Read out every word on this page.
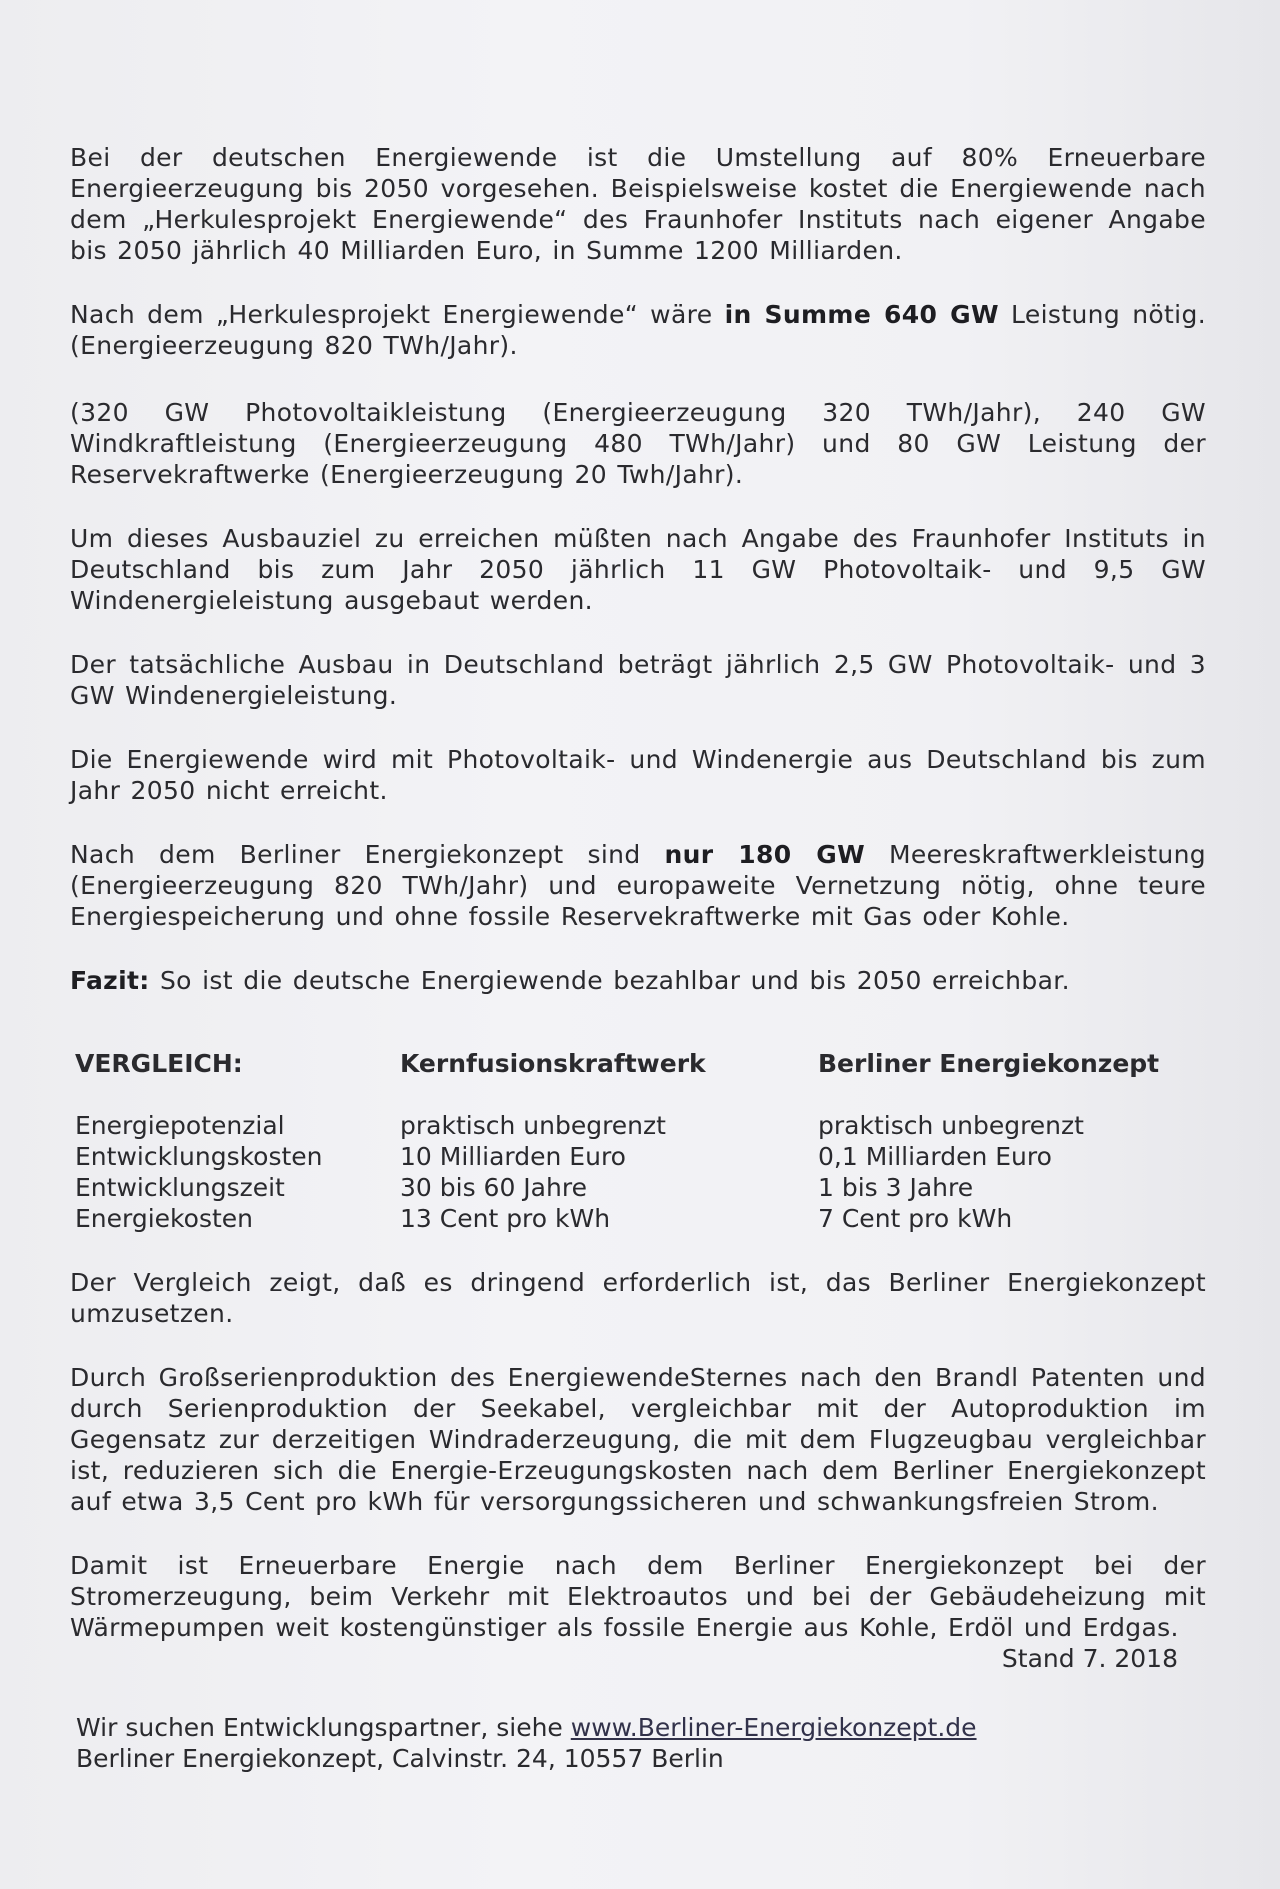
Bei der deutschen Energiewende ist die Umstellung auf 80% Erneuerbare Energieerzeugung bis 2050 vorgesehen. Beispielsweise kostet die Energiewende nach dem „Herkulesprojekt Energiewende“ des Fraunhofer Instituts nach eigener Angabe bis 2050 jährlich 40 Milliarden Euro, in Summe 1200 Milliarden.

Nach dem „Herkulesprojekt Energiewende“ wäre in Summe 640 GW Leistung nötig. (Energieerzeugung 820 TWh/Jahr).

(320 GW Photovoltaikleistung (Energieerzeugung 320 TWh/Jahr), 240 GW Windkraftleistung (Energieerzeugung 480 TWh/Jahr) und 80 GW Leistung der Reservekraftwerke (Energieerzeugung 20 Twh/Jahr).

Um dieses Ausbauziel zu erreichen müßten nach Angabe des Fraunhofer Instituts in Deutschland bis zum Jahr 2050 jährlich 11 GW Photovoltaik- und 9,5 GW Windenergieleistung ausgebaut werden.

Der tatsächliche Ausbau in Deutschland beträgt jährlich 2,5 GW Photovoltaik- und 3 GW Windenergieleistung.

Die Energiewende wird mit Photovoltaik- und Windenergie aus Deutschland bis zum Jahr 2050 nicht erreicht.

Nach dem Berliner Energiekonzept sind nur 180 GW Meereskraftwerkleistung (Energieerzeugung 820 TWh/Jahr) und europaweite Vernetzung nötig, ohne teure Energiespeicherung und ohne fossile Reservekraftwerke mit Gas oder Kohle.

Fazit: So ist die deutsche Energiewende bezahlbar und bis 2050 erreichbar.

VERGLEICH:	Kernfusionskraftwerk	Berliner Energiekonzept
Energiepotenzial	praktisch unbegrenzt	praktisch unbegrenzt
Entwicklungskosten	10 Milliarden Euro	0,1 Milliarden Euro
Entwicklungszeit	30 bis 60 Jahre	1 bis 3 Jahre
Energiekosten	13 Cent pro kWh	7 Cent pro kWh

Der Vergleich zeigt, daß es dringend erforderlich ist, das Berliner Energiekonzept umzusetzen.

Durch Großserienproduktion des EnergiewendeSternes nach den Brandl Patenten und durch Serienproduktion der Seekabel, vergleichbar mit der Autoproduktion im Gegensatz zur derzeitigen Windraderzeugung, die mit dem Flugzeugbau vergleichbar ist, reduzieren sich die Energie-Erzeugungskosten nach dem Berliner Energiekonzept auf etwa 3,5 Cent pro kWh für versorgungssicheren und schwankungsfreien Strom.

Damit ist Erneuerbare Energie nach dem Berliner Energiekonzept bei der Stromerzeugung, beim Verkehr mit Elektroautos und bei der Gebäudeheizung mit Wärmepumpen weit kostengünstiger als fossile Energie aus Kohle, Erdöl und Erdgas.

Stand 7. 2018
Wir suchen Entwicklungspartner, siehe www.Berliner-Energiekonzept.de
Berliner Energiekonzept, Calvinstr. 24, 10557 Berlin
